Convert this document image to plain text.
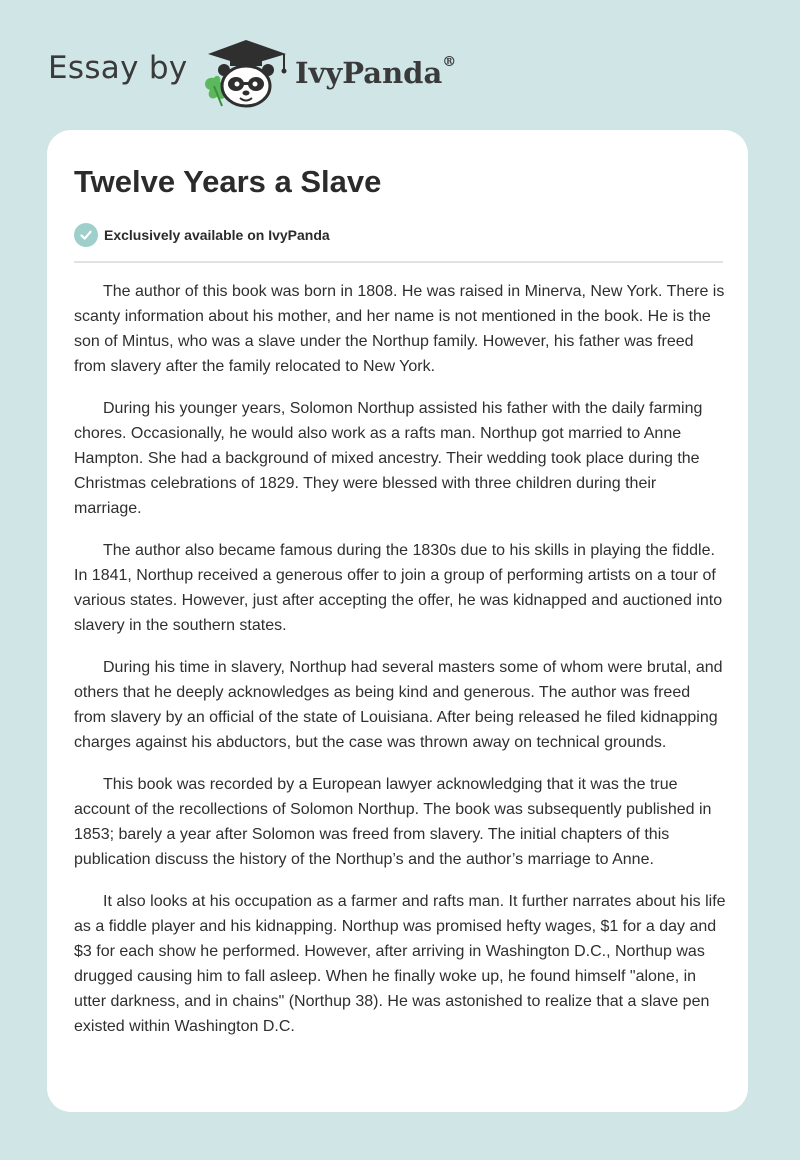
Essay by	IvyPanda®
Twelve Years a Slave
Exclusively available on IvyPanda

The author of this book was born in 1808. He was raised in Minerva, New York. There is scanty information about his mother, and her name is not mentioned in the book. He is the son of Mintus, who was a slave under the Northup family. However, his father was freed from slavery after the family relocated to New York.

During his younger years, Solomon Northup assisted his father with the daily farming chores. Occasionally, he would also work as a rafts man. Northup got married to Anne Hampton. She had a background of mixed ancestry. Their wedding took place during the Christmas celebrations of 1829. They were blessed with three children during their marriage.

The author also became famous during the 1830s due to his skills in playing the fiddle. In 1841, Northup received a generous offer to join a group of performing artists on a tour of various states. However, just after accepting the offer, he was kidnapped and auctioned into slavery in the southern states.

During his time in slavery, Northup had several masters some of whom were brutal, and others that he deeply acknowledges as being kind and generous. The author was freed from slavery by an official of the state of Louisiana. After being released he filed kidnapping charges against his abductors, but the case was thrown away on technical grounds.

This book was recorded by a European lawyer acknowledging that it was the true account of the recollections of Solomon Northup. The book was subsequently published in 1853; barely a year after Solomon was freed from slavery. The initial chapters of this publication discuss the history of the Northup’s and the author’s marriage to Anne.

It also looks at his occupation as a farmer and rafts man. It further narrates about his life as a fiddle player and his kidnapping. Northup was promised hefty wages, $1 for a day and $3 for each show he performed. However, after arriving in Washington D.C., Northup was drugged causing him to fall asleep. When he finally woke up, he found himself "alone, in utter darkness, and in chains" (Northup 38). He was astonished to realize that a slave pen existed within Washington D.C.
